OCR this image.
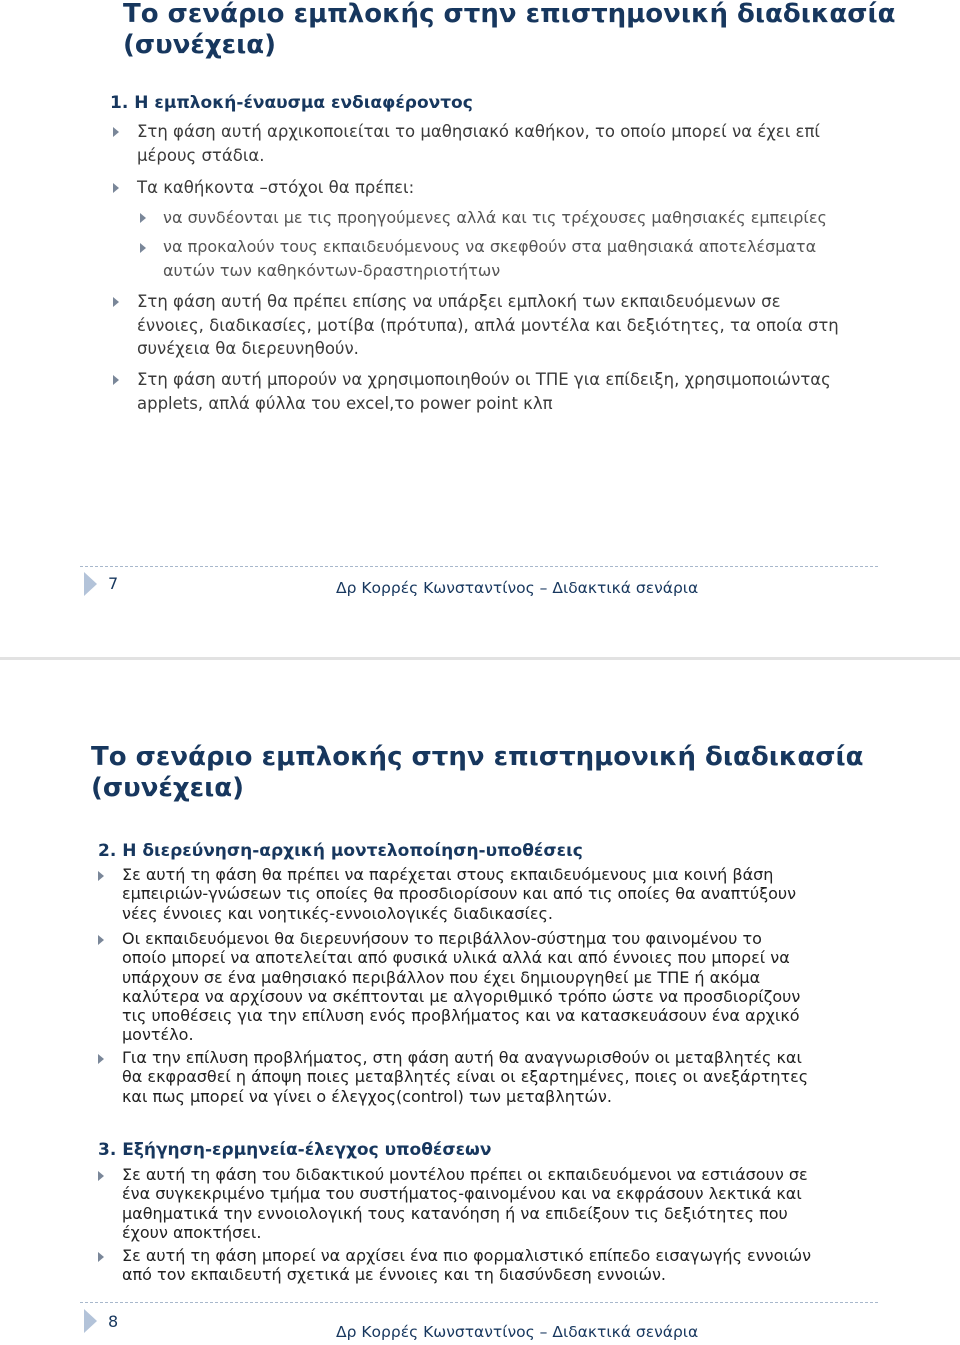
Το σενάριο εμπλοκής στην επιστημονική διαδικασία
(συνέχεια)

1. Η εμπλοκή-έναυσμα ενδιαφέροντος

Στη φάση αυτή αρχικοποιείται το μαθησιακό καθήκον, το οποίο μπορεί να έχει επί
μέρους στάδια.

Τα καθήκοντα –στόχοι θα πρέπει:

να συνδέονται με τις προηγούμενες αλλά και τις τρέχουσες μαθησιακές εμπειρίες

να προκαλούν τους εκπαιδευόμενους να σκεφθούν στα μαθησιακά αποτελέσματα
αυτών των καθηκόντων-δραστηριοτήτων

Στη φάση αυτή θα πρέπει επίσης να υπάρξει εμπλοκή των εκπαιδευόμενων σε
έννοιες, διαδικασίες, μοτίβα (πρότυπα), απλά μοντέλα και δεξιότητες, τα οποία στη
συνέχεια θα διερευνηθούν.

Στη φάση αυτή μπορούν να χρησιμοποιηθούν οι ΤΠΕ για επίδειξη, χρησιμοποιώντας
applets, απλά φύλλα του excel,το power point κλπ

7	Δρ Κορρές Κωνσταντίνος – Διδακτικά σενάρια
Το σενάριο εμπλοκής στην επιστημονική διαδικασία
(συνέχεια)

2. Η διερεύνηση-αρχική μοντελοποίηση-υποθέσεις

Σε αυτή τη φάση θα πρέπει να παρέχεται στους εκπαιδευόμενους μια κοινή βάση
εμπειριών-γνώσεων τις οποίες θα προσδιορίσουν και από τις οποίες θα αναπτύξουν
νέες έννοιες και νοητικές-εννοιολογικές διαδικασίες.

Οι εκπαιδευόμενοι θα διερευνήσουν το περιβάλλον-σύστημα του φαινομένου το
οποίο μπορεί να αποτελείται από φυσικά υλικά αλλά και από έννοιες που μπορεί να
υπάρχουν σε ένα μαθησιακό περιβάλλον που έχει δημιουργηθεί με ΤΠΕ ή ακόμα
καλύτερα να αρχίσουν να σκέπτονται με αλγοριθμικό τρόπο ώστε να προσδιορίζουν
τις υποθέσεις για την επίλυση ενός προβλήματος και να κατασκευάσουν ένα αρχικό
μοντέλο.

Για την επίλυση προβλήματος, στη φάση αυτή θα αναγνωρισθούν οι μεταβλητές και
θα εκφρασθεί η άποψη ποιες μεταβλητές είναι οι εξαρτημένες, ποιες οι ανεξάρτητες
και πως μπορεί να γίνει ο έλεγχος(control) των μεταβλητών.

3. Εξήγηση-ερμηνεία-έλεγχος υποθέσεων

Σε αυτή τη φάση του διδακτικού μοντέλου πρέπει οι εκπαιδευόμενοι να εστιάσουν σε
ένα συγκεκριμένο τμήμα του συστήματος-φαινομένου και να εκφράσουν λεκτικά και
μαθηματικά την εννοιολογική τους κατανόηση ή να επιδείξουν τις δεξιότητες που
έχουν αποκτήσει.

Σε αυτή τη φάση μπορεί να αρχίσει ένα πιο φορμαλιστικό επίπεδο εισαγωγής εννοιών
από τον εκπαιδευτή σχετικά με έννοιες και τη διασύνδεση εννοιών.

8
Δρ Κορρές Κωνσταντίνος – Διδακτικά σενάρια
